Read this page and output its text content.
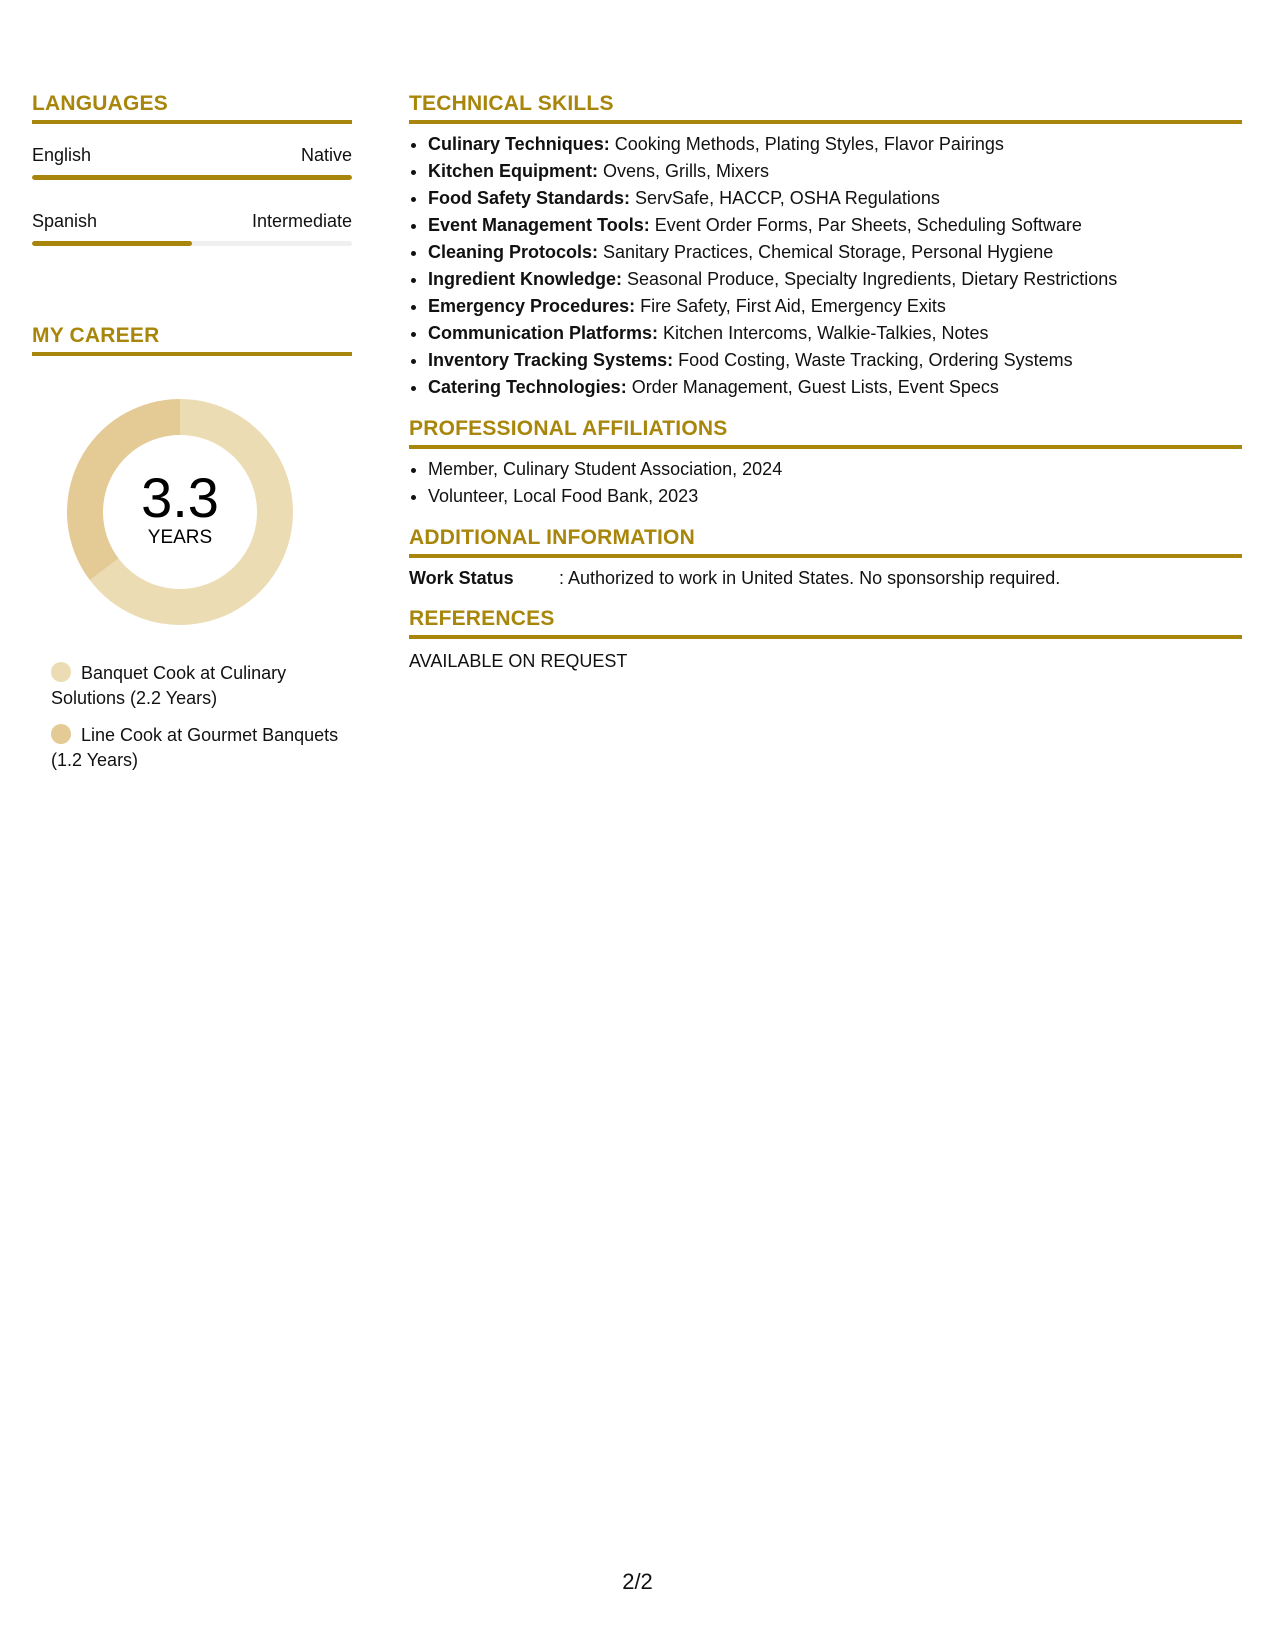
LANGUAGES
English	Native
Spanish	Intermediate
MY CAREER
3.3
YEARS
Banquet Cook at Culinary Solutions (2.2 Years)
Line Cook at Gourmet Banquets (1.2 Years)
TECHNICAL SKILLS
• Culinary Techniques: Cooking Methods, Plating Styles, Flavor Pairings
• Kitchen Equipment: Ovens, Grills, Mixers
• Food Safety Standards: ServSafe, HACCP, OSHA Regulations
• Event Management Tools: Event Order Forms, Par Sheets, Scheduling Software
• Cleaning Protocols: Sanitary Practices, Chemical Storage, Personal Hygiene
• Ingredient Knowledge: Seasonal Produce, Specialty Ingredients, Dietary Restrictions
• Emergency Procedures: Fire Safety, First Aid, Emergency Exits
• Communication Platforms: Kitchen Intercoms, Walkie-Talkies, Notes
• Inventory Tracking Systems: Food Costing, Waste Tracking, Ordering Systems
• Catering Technologies: Order Management, Guest Lists, Event Specs
PROFESSIONAL AFFILIATIONS
• Member, Culinary Student Association, 2024
• Volunteer, Local Food Bank, 2023
ADDITIONAL INFORMATION
Work Status	: Authorized to work in United States. No sponsorship required.
REFERENCES
AVAILABLE ON REQUEST
2/2
